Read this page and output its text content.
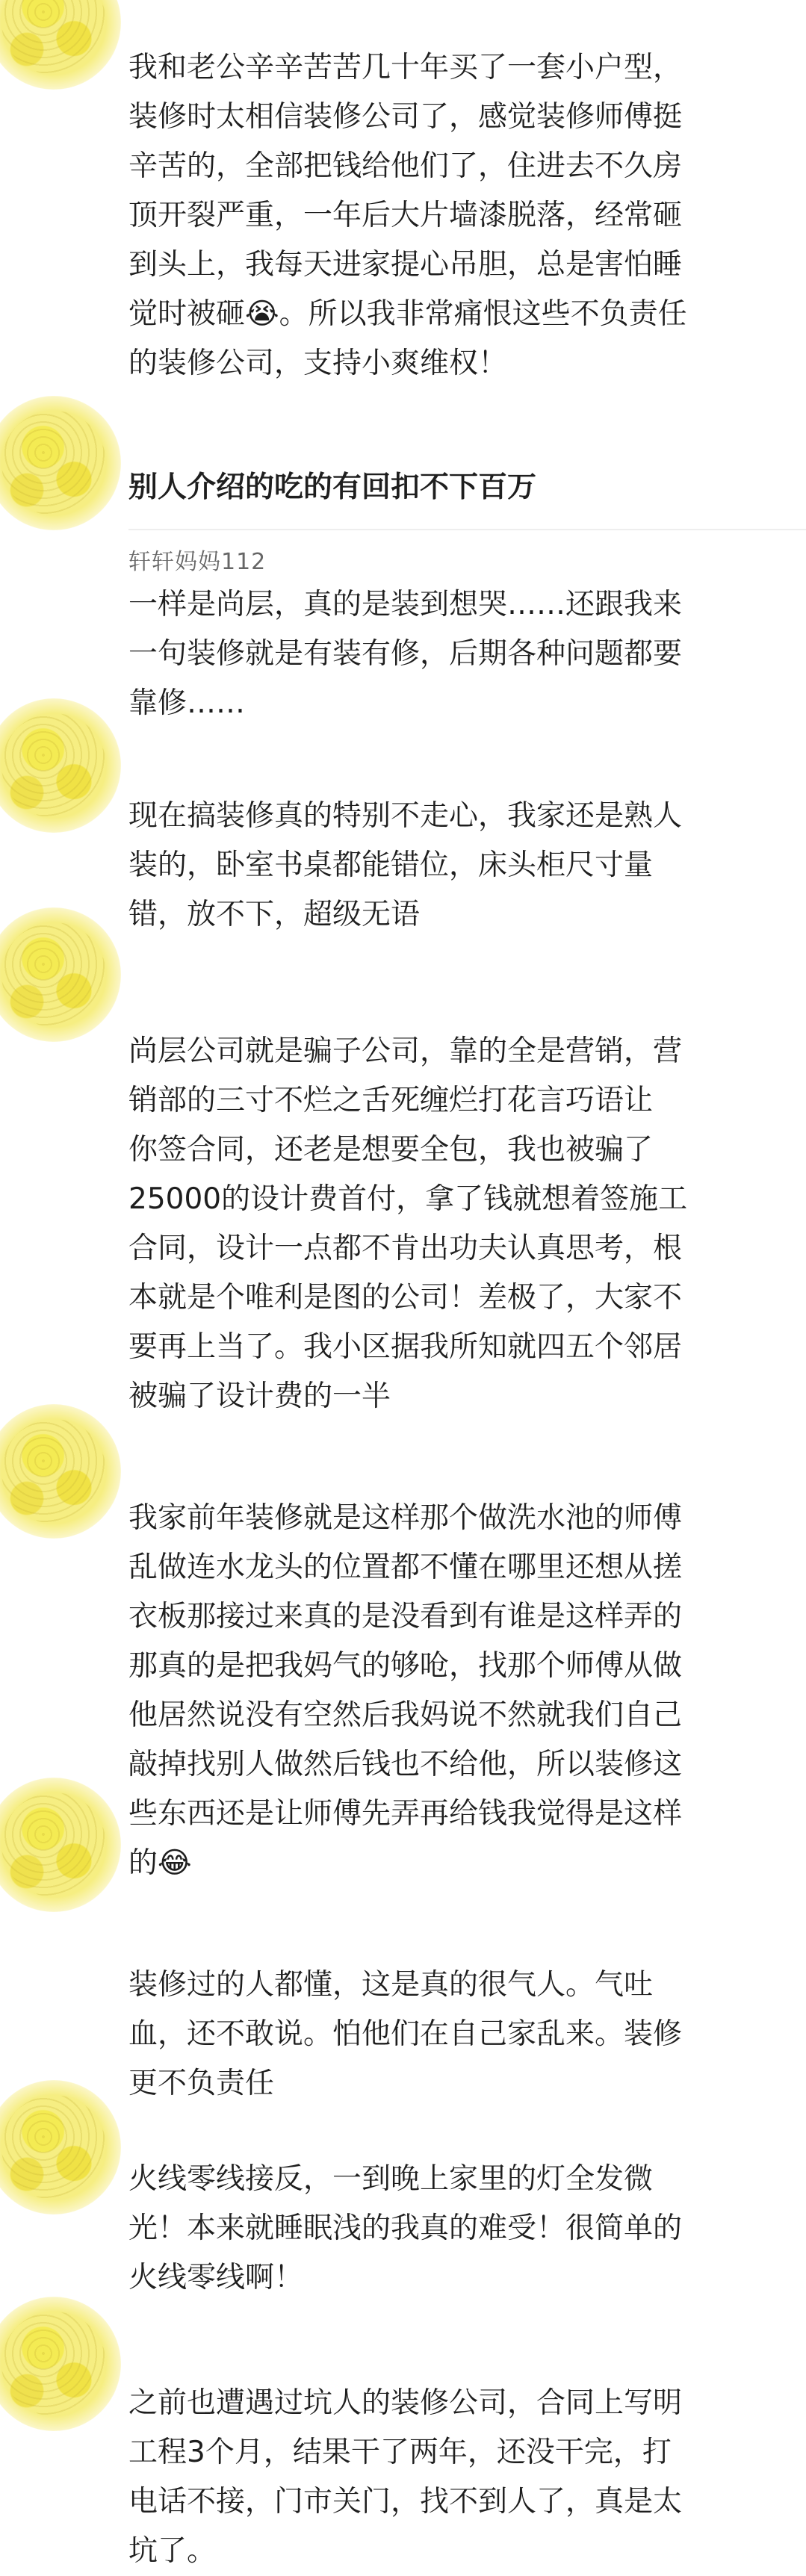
我和老公辛辛苦苦几十年买了一套小户型，
装修时太相信装修公司了，感觉装修师傅挺
辛苦的，全部把钱给他们了，住进去不久房
顶开裂严重，一年后大片墙漆脱落，经常砸
到头上，我每天进家提心吊胆，总是害怕睡
觉时被砸😭。所以我非常痛恨这些不负责任
的装修公司，支持小爽维权！
别人介绍的吃的有回扣不下百万
轩轩妈妈112
一样是尚层，真的是装到想哭……还跟我来
一句装修就是有装有修，后期各种问题都要
靠修……
现在搞装修真的特别不走心，我家还是熟人
装的，卧室书桌都能错位，床头柜尺寸量
错，放不下，超级无语
尚层公司就是骗子公司，靠的全是营销，营
销部的三寸不烂之舌死缠烂打花言巧语让
你签合同，还老是想要全包，我也被骗了
25000的设计费首付，拿了钱就想着签施工
合同，设计一点都不肯出功夫认真思考，根
本就是个唯利是图的公司！差极了，大家不
要再上当了。我小区据我所知就四五个邻居
被骗了设计费的一半
我家前年装修就是这样那个做洗水池的师傅
乱做连水龙头的位置都不懂在哪里还想从搓
衣板那接过来真的是没看到有谁是这样弄的
那真的是把我妈气的够呛，找那个师傅从做
他居然说没有空然后我妈说不然就我们自己
敲掉找别人做然后钱也不给他，所以装修这
些东西还是让师傅先弄再给钱我觉得是这样
的😂
装修过的人都懂，这是真的很气人。气吐
血，还不敢说。怕他们在自己家乱来。装修
更不负责任
火线零线接反，一到晚上家里的灯全发微
光！本来就睡眠浅的我真的难受！很简单的
火线零线啊！
之前也遭遇过坑人的装修公司，合同上写明
工程3个月，结果干了两年，还没干完，打
电话不接，门市关门，找不到人了，真是太
坑了。
